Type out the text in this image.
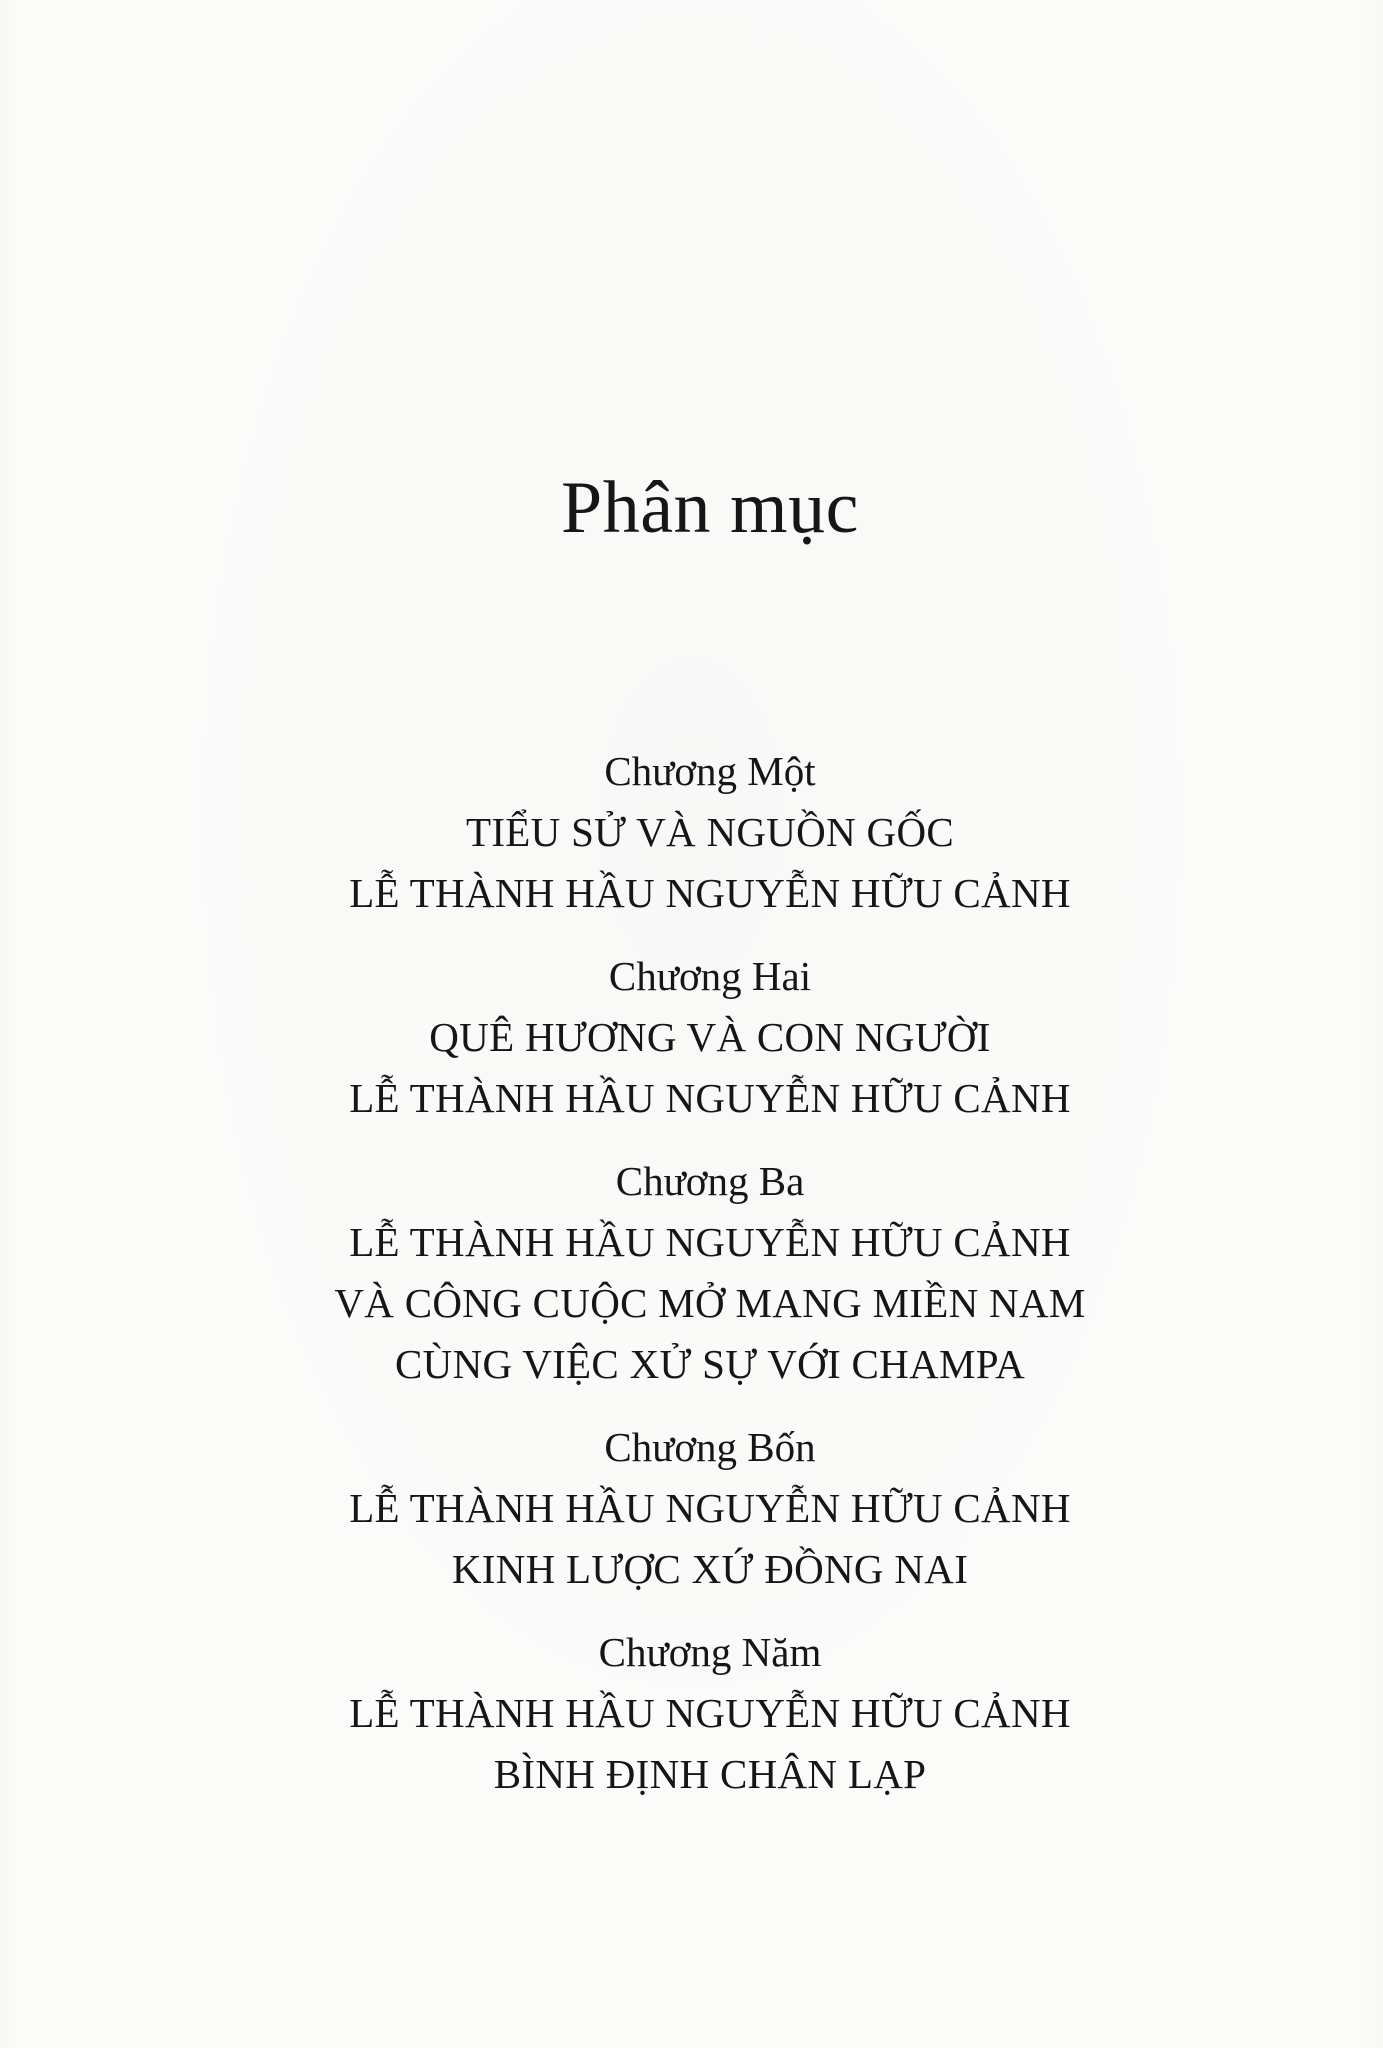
Phân mục
Chương Một
TIỂU SỬ VÀ NGUỒN GỐC
LỄ THÀNH HẦU NGUYỄN HỮU CẢNH
Chương Hai
QUÊ HƯƠNG VÀ CON NGƯỜI
LỄ THÀNH HẦU NGUYỄN HỮU CẢNH
Chương Ba
LỄ THÀNH HẦU NGUYỄN HỮU CẢNH
VÀ CÔNG CUỘC MỞ MANG MIỀN NAM
CÙNG VIỆC XỬ SỰ VỚI CHAMPA
Chương Bốn
LỄ THÀNH HẦU NGUYỄN HỮU CẢNH
KINH LƯỢC XỨ ĐỒNG NAI
Chương Năm
LỄ THÀNH HẦU NGUYỄN HỮU CẢNH
BÌNH ĐỊNH CHÂN LẠP
